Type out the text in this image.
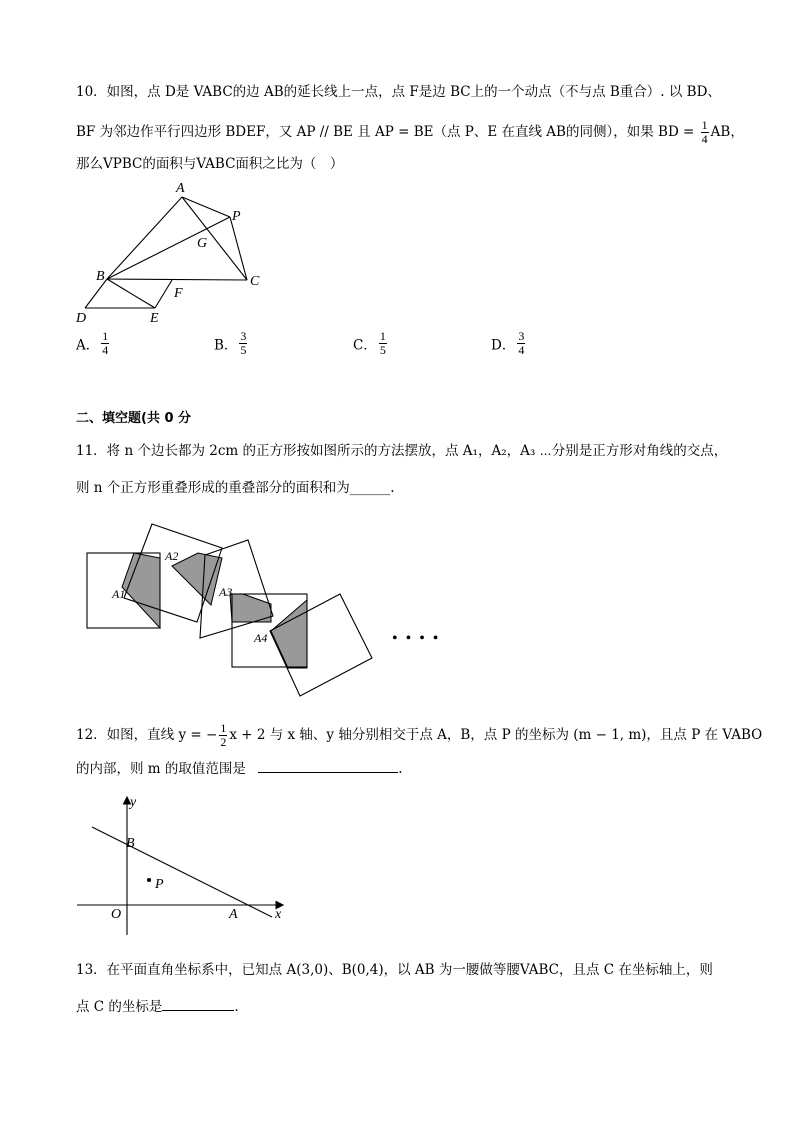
10．如图，点 D是 VABC的边 AB的延长线上一点，点 F是边 BC上的一个动点（不与点 B重合）. 以 BD、
BF 为邻边作平行四边形 BDEF，又 AP // BE 且 AP = BE（点 P、E 在直线 AB的同侧），如果 BD = $\frac{1}{4}$ AB，
那么VPBC的面积与VABC面积之比为（　）
A
P
G
B	C
F
D	E
A． $\frac{1}{4}$	B． $\frac{3}{5}$	C． $\frac{1}{5}$	D． $\frac{3}{4}$
二、填空题(共 0 分
11．将 n 个边长都为 2cm 的正方形按如图所示的方法摆放，点 A₁，A₂，A₃ ⋯分别是正方形对角线的交点，
则 n 个正方形重叠形成的重叠部分的面积和为______.
A2
A1	A3
A4	• • • •
12．如图，直线 y = − $\frac{1}{2}$ x + 2 与 x 轴、y 轴分别相交于点 A，B，点 P 的坐标为 (m − 1, m)，且点 P 在 VABO
的内部，则 m 的取值范围是	.
y
B
P
O	A	x
13．在平面直角坐标系中，已知点 A(3,0)、B(0,4)，以 AB 为一腰做等腰VABC，且点 C 在坐标轴上，则
点 C 的坐标是	.
